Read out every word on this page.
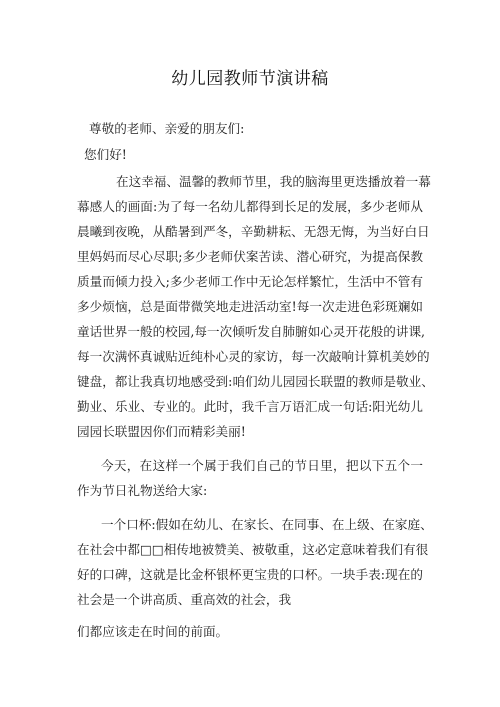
幼儿园教师节演讲稿
尊敬的老师、亲爱的朋友们:
您们好!
在这幸福、温馨的教师节里，我的脑海里更迭播放着一幕
幕感人的画面:为了每一名幼儿都得到长足的发展，多少老师从
晨曦到夜晚，从酷暑到严冬，辛勤耕耘、无怨无悔，为当好白日
里妈妈而尽心尽职;多少老师伏案苦读、潜心研究，为提高保教
质量而倾力投入;多少老师工作中无论怎样繁忙，生活中不管有
多少烦恼，总是面带微笑地走进活动室!每一次走进色彩斑斓如
童话世界一般的校园,每一次倾听发自肺腑如心灵开花般的讲课,
每一次满怀真诚贴近纯朴心灵的家访，每一次敲响计算机美妙的
键盘，都让我真切地感受到:咱们幼儿园园长联盟的教师是敬业、
勤业、乐业、专业的。此时，我千言万语汇成一句话:阳光幼儿
园园长联盟因你们而精彩美丽!
今天，在这样一个属于我们自己的节日里，把以下五个一
作为节日礼物送给大家:
一个口杯:假如在幼儿、在家长、在同事、在上级、在家庭、
在社会中都□□相传地被赞美、被敬重，这必定意味着我们有很
好的口碑，这就是比金杯银杯更宝贵的口杯。一块手表:现在的
社会是一个讲高质、重高效的社会，我
们都应该走在时间的前面。
